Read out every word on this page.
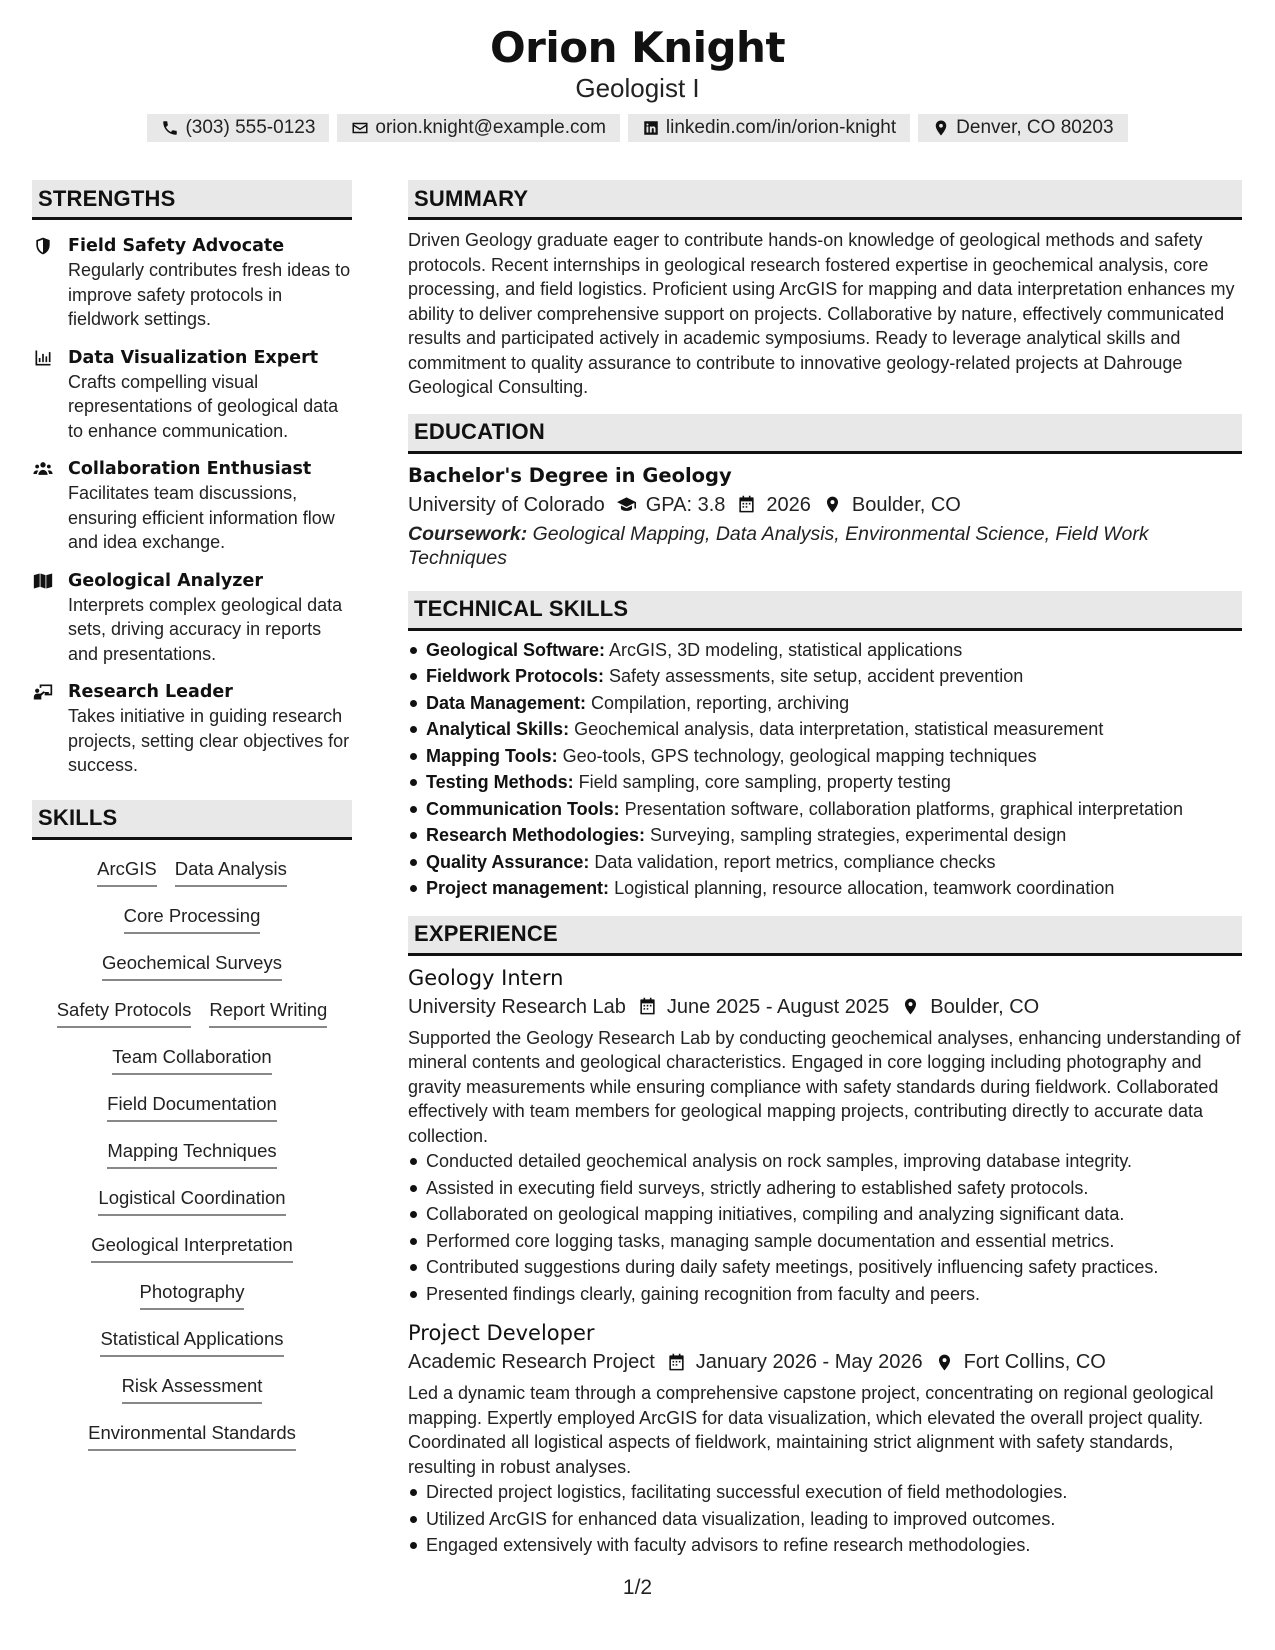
Orion Knight
Geologist I
(303) 555-0123	orion.knight@example.com	linkedin.com/in/orion-knight	Denver, CO 80203
STRENGTHS
Field Safety Advocate
Regularly contributes fresh ideas to improve safety protocols in fieldwork settings.
Data Visualization Expert
Crafts compelling visual representations of geological data to enhance communication.
Collaboration Enthusiast
Facilitates team discussions, ensuring efficient information flow and idea exchange.
Geological Analyzer
Interprets complex geological data sets, driving accuracy in reports and presentations.
Research Leader
Takes initiative in guiding research projects, setting clear objectives for success.
SKILLS
ArcGIS Data Analysis
Core Processing
Geochemical Surveys
Safety Protocols Report Writing
Team Collaboration
Field Documentation
Mapping Techniques
Logistical Coordination
Geological Interpretation
Photography
Statistical Applications
Risk Assessment
Environmental Standards
SUMMARY
Driven Geology graduate eager to contribute hands-on knowledge of geological methods and safety protocols. Recent internships in geological research fostered expertise in geochemical analysis, core processing, and field logistics. Proficient using ArcGIS for mapping and data interpretation enhances my ability to deliver comprehensive support on projects. Collaborative by nature, effectively communicated results and participated actively in academic symposiums. Ready to leverage analytical skills and commitment to quality assurance to contribute to innovative geology-related projects at Dahrouge Geological Consulting.
EDUCATION
Bachelor's Degree in Geology
University of Colorado GPA: 3.8 2026 Boulder, CO
Coursework: Geological Mapping, Data Analysis, Environmental Science, Field Work Techniques
TECHNICAL SKILLS
Geological Software: ArcGIS, 3D modeling, statistical applications
Fieldwork Protocols: Safety assessments, site setup, accident prevention
Data Management: Compilation, reporting, archiving
Analytical Skills: Geochemical analysis, data interpretation, statistical measurement
Mapping Tools: Geo-tools, GPS technology, geological mapping techniques
Testing Methods: Field sampling, core sampling, property testing
Communication Tools: Presentation software, collaboration platforms, graphical interpretation
Research Methodologies: Surveying, sampling strategies, experimental design
Quality Assurance: Data validation, report metrics, compliance checks
Project management: Logistical planning, resource allocation, teamwork coordination
EXPERIENCE
Geology Intern
University Research Lab June 2025 - August 2025 Boulder, CO
Supported the Geology Research Lab by conducting geochemical analyses, enhancing understanding of mineral contents and geological characteristics. Engaged in core logging including photography and gravity measurements while ensuring compliance with safety standards during fieldwork. Collaborated effectively with team members for geological mapping projects, contributing directly to accurate data collection.
Conducted detailed geochemical analysis on rock samples, improving database integrity.
Assisted in executing field surveys, strictly adhering to established safety protocols.
Collaborated on geological mapping initiatives, compiling and analyzing significant data.
Performed core logging tasks, managing sample documentation and essential metrics.
Contributed suggestions during daily safety meetings, positively influencing safety practices.
Presented findings clearly, gaining recognition from faculty and peers.
Project Developer
Academic Research Project January 2026 - May 2026 Fort Collins, CO
Led a dynamic team through a comprehensive capstone project, concentrating on regional geological mapping. Expertly employed ArcGIS for data visualization, which elevated the overall project quality. Coordinated all logistical aspects of fieldwork, maintaining strict alignment with safety standards, resulting in robust analyses.
Directed project logistics, facilitating successful execution of field methodologies.
Utilized ArcGIS for enhanced data visualization, leading to improved outcomes.
Engaged extensively with faculty advisors to refine research methodologies.
1/2
